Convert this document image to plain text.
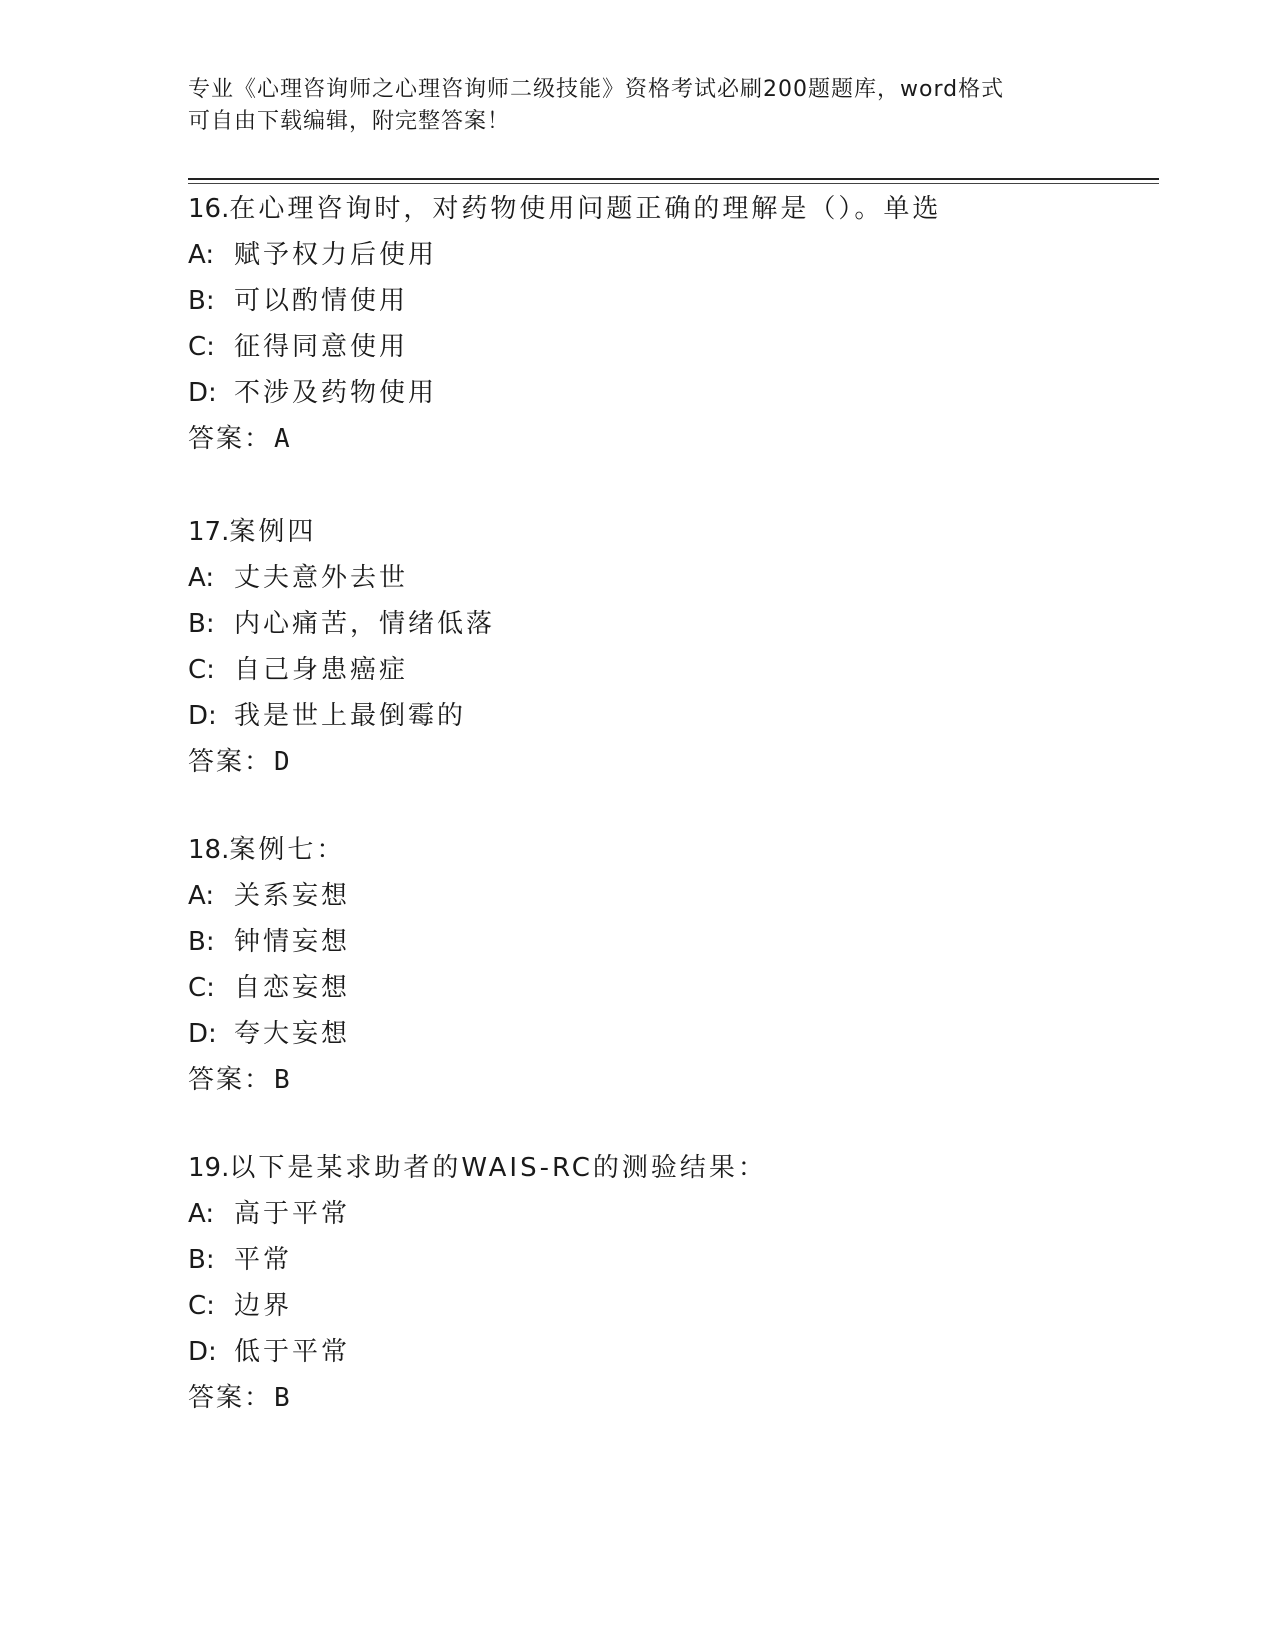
专业《心理咨询师之心理咨询师二级技能》资格考试必刷200题题库，word格式
可自由下载编辑，附完整答案！
16.在心理咨询时，对药物使用问题正确的理解是（）。单选
A: 赋予权力后使用
B: 可以酌情使用
C: 征得同意使用
D: 不涉及药物使用
答案：A
17.案例四
A: 丈夫意外去世
B: 内心痛苦，情绪低落
C: 自己身患癌症
D: 我是世上最倒霉的
答案：D
18.案例七：
A: 关系妄想
B: 钟情妄想
C: 自恋妄想
D: 夸大妄想
答案：B
19.以下是某求助者的WAIS-RC的测验结果：
A: 高于平常
B: 平常
C: 边界
D: 低于平常
答案：B
